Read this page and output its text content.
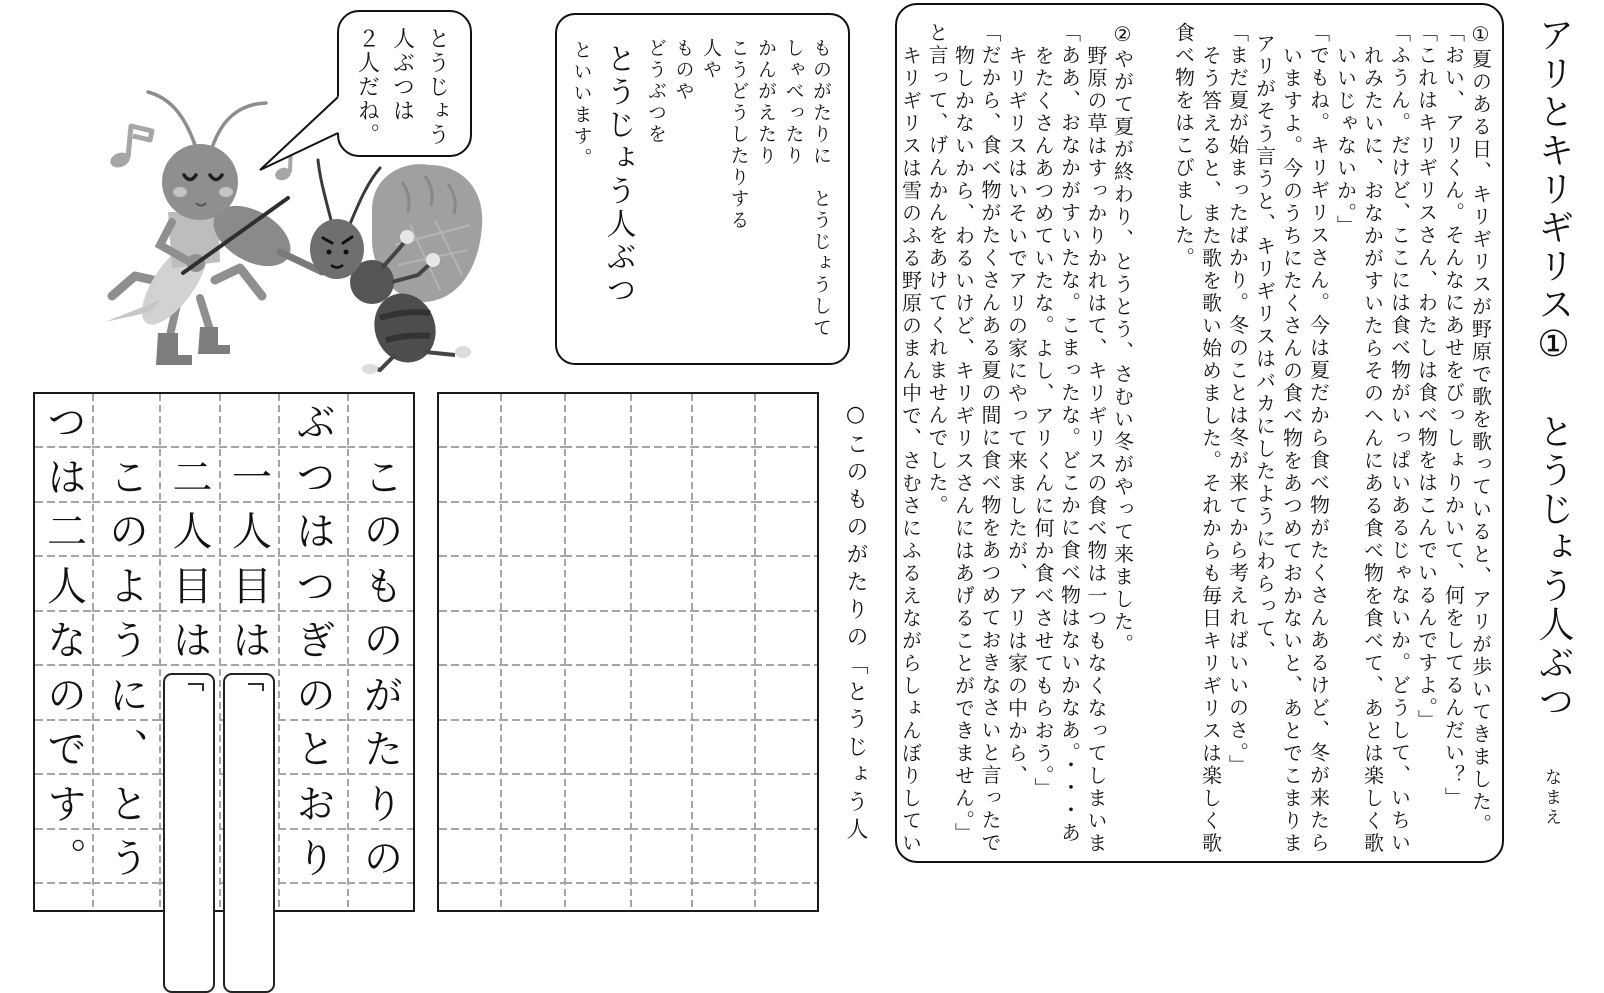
アリとキリギリス①
とうじょう人ぶつ
なまえ
①夏のある日、キリギリスが野原で歌を歌っていると、アリが歩いてきました。
「おい、アリくん。そんなにあせをびっしょりかいて、何をしてるんだい？」
「これはキリギリスさん、わたしは食べ物をはこんでいるんですよ。」
「ふうん。だけど、ここには食べ物がいっぱいあるじゃないか。どうして、いちい
れみたいに、おなかがすいたらそのへんにある食べ物を食べて、あとは楽しく歌
いいじゃないか。」
「でもね。キリギリスさん。今は夏だから食べ物がたくさんあるけど、冬が来たら
いますよ。今のうちにたくさんの食べ物をあつめておかないと、あとでこまりま
アリがそう言うと、キリギリスはバカにしたようにわらって、
「まだ夏が始まったばかり。冬のことは冬が来てから考えればいいのさ。」
そう答えると、また歌を歌い始めました。それからも毎日キリギリスは楽しく歌
食べ物をはこびました。
②やがて夏が終わり、とうとう、さむい冬がやって来ました。
野原の草はすっかりかれはて、キリギリスの食べ物は一つもなくなってしまいま
「ああ、おなかがすいたな。こまったな。どこかに食べ物はないかなあ。・・・あ
をたくさんあつめていたな。よし、アリくんに何か食べさせてもらおう。」
キリギリスはいそいでアリの家にやって来ましたが、アリは家の中から、
「だから、食べ物がたくさんある夏の間に食べ物をあつめておきなさいと言ったで
物しかないから、わるいけど、キリギリスさんにはあげることができません。」
と言って、げんかんをあけてくれませんでした。
キリギリスは雪のふる野原のまん中で、さむさにふるえながらしょんぼりしてい
○このものがたりの「とうじょう人
ものがたりに　とうじょうして
しゃべったり
かんがえたり
こうどうしたりする
人や
ものや
どうぶつを
とうじょう人ぶつ
といいます。
とうじょう
人ぶつは
２人だね。
こ
の
も
の
が
た
り
の
ぶ
つ
は
つ
ぎ
の
と
お
り
一
人
目
は
二
人
目
は
こ
の
よ
う
に
、
と
う
つ
は
二
人
な
の
で
す
。
